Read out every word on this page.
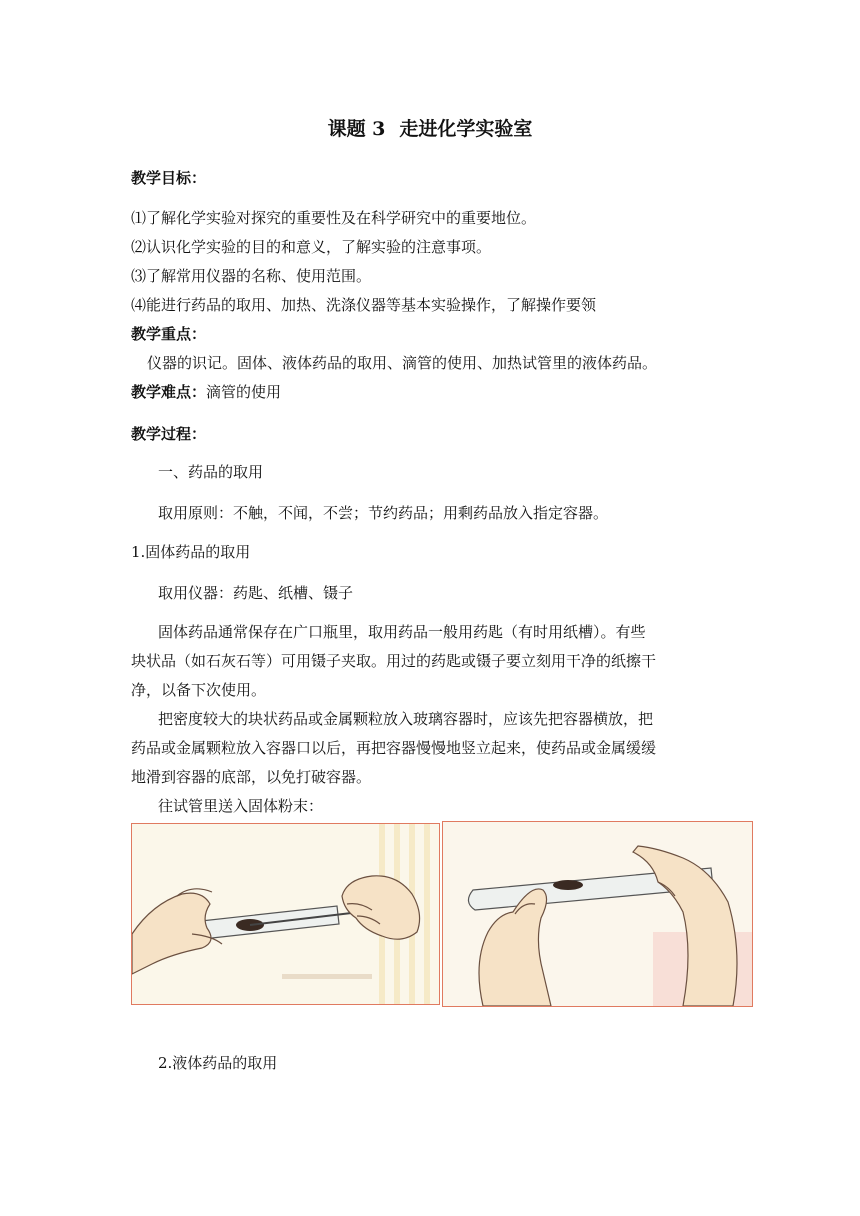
课题 3 走进化学实验室
教学目标：
⑴了解化学实验对探究的重要性及在科学研究中的重要地位。
⑵认识化学实验的目的和意义，了解实验的注意事项。
⑶了解常用仪器的名称、使用范围。
⑷能进行药品的取用、加热、洗涤仪器等基本实验操作，了解操作要领
教学重点：
仪器的识记。固体、液体药品的取用、滴管的使用、加热试管里的液体药品。
教学难点：滴管的使用
教学过程：
一、药品的取用
取用原则：不触，不闻，不尝；节约药品；用剩药品放入指定容器。
1.固体药品的取用
取用仪器：药匙、纸槽、镊子
固体药品通常保存在广口瓶里，取用药品一般用药匙（有时用纸槽）。有些
块状品（如石灰石等）可用镊子夹取。用过的药匙或镊子要立刻用干净的纸擦干
净，以备下次使用。
把密度较大的块状药品或金属颗粒放入玻璃容器时，应该先把容器横放，把
药品或金属颗粒放入容器口以后，再把容器慢慢地竖立起来，使药品或金属缓缓
地滑到容器的底部，以免打破容器。
往试管里送入固体粉末：
2.液体药品的取用
